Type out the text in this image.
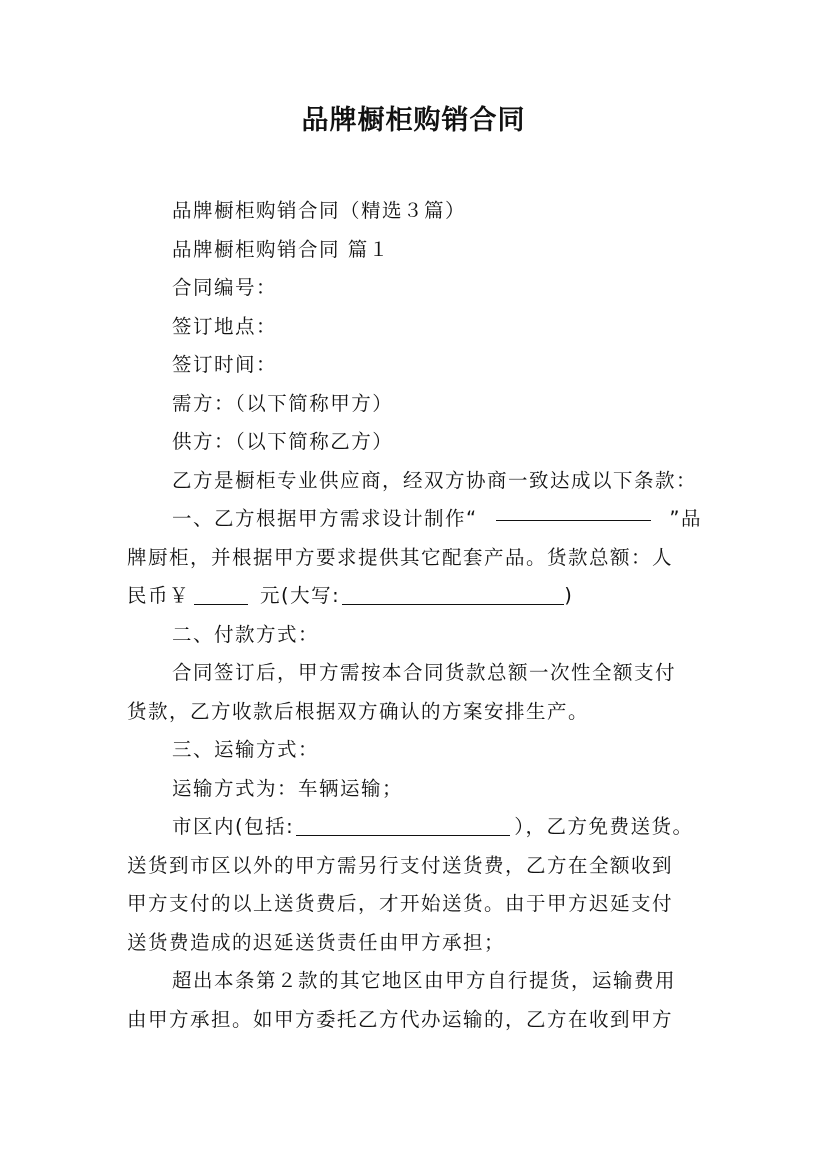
品牌橱柜购销合同
品牌橱柜购销合同（精选３篇）
品牌橱柜购销合同 篇１
合同编号：
签订地点：
签订时间：
需方：（以下简称甲方）
供方：（以下简称乙方）
乙方是橱柜专业供应商，经双方协商一致达成以下条款：
一、乙方根据甲方需求设计制作“	”品
牌厨柜，并根据甲方要求提供其它配套产品。货款总额：人
民币￥	元(大写:	)
二、付款方式：
合同签订后，甲方需按本合同货款总额一次性全额支付
货款，乙方收款后根据双方确认的方案安排生产。
三、运输方式：
运输方式为：车辆运输；
市区内(包括:	），乙方免费送货。
送货到市区以外的甲方需另行支付送货费，乙方在全额收到
甲方支付的以上送货费后，才开始送货。由于甲方迟延支付
送货费造成的迟延送货责任由甲方承担；
超出本条第２款的其它地区由甲方自行提货，运输费用
由甲方承担。如甲方委托乙方代办运输的，乙方在收到甲方
